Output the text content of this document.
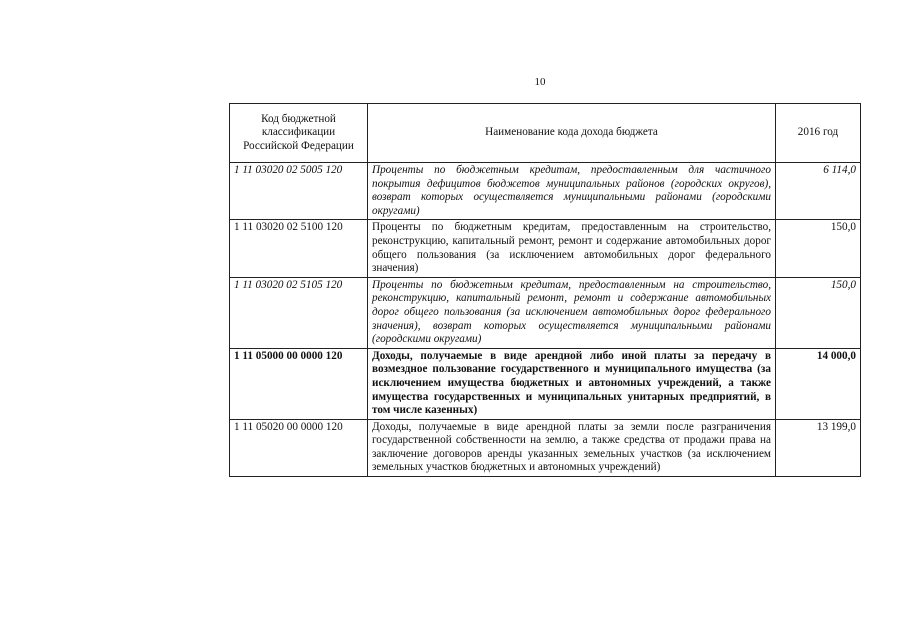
10
Код бюджетной классификации Российской Федерации	Наименование кода дохода бюджета	2016 год
1 11 03020 02 5005 120	Проценты по бюджетным кредитам, предоставленным для частичного покрытия дефицитов бюджетов муниципальных районов (городских округов), возврат которых осуществляется муниципальными районами (городскими округами)	6 114,0
1 11 03020 02 5100 120	Проценты по бюджетным кредитам, предоставленным на строительство, реконструкцию, капитальный ремонт, ремонт и содержание автомобильных дорог общего пользования (за исключением автомобильных дорог федерального значения)	150,0
1 11 03020 02 5105 120	Проценты по бюджетным кредитам, предоставленным на строительство, реконструкцию, капитальный ремонт, ремонт и содержание автомобильных дорог общего пользования (за исключением автомобильных дорог федерального значения), возврат которых осуществляется муниципальными районами (городскими округами)	150,0
1 11 05000 00 0000 120	Доходы, получаемые в виде арендной либо иной платы за передачу в возмездное пользование государственного и муниципального имущества (за исключением имущества бюджетных и автономных учреждений, а также имущества государственных и муниципальных унитарных предприятий, в том числе казенных)	14 000,0
1 11 05020 00 0000 120	Доходы, получаемые в виде арендной платы за земли после разграничения государственной собственности на землю, а также средства от продажи права на заключение договоров аренды указанных земельных участков (за исключением земельных участков бюджетных и автономных учреждений)	13 199,0
